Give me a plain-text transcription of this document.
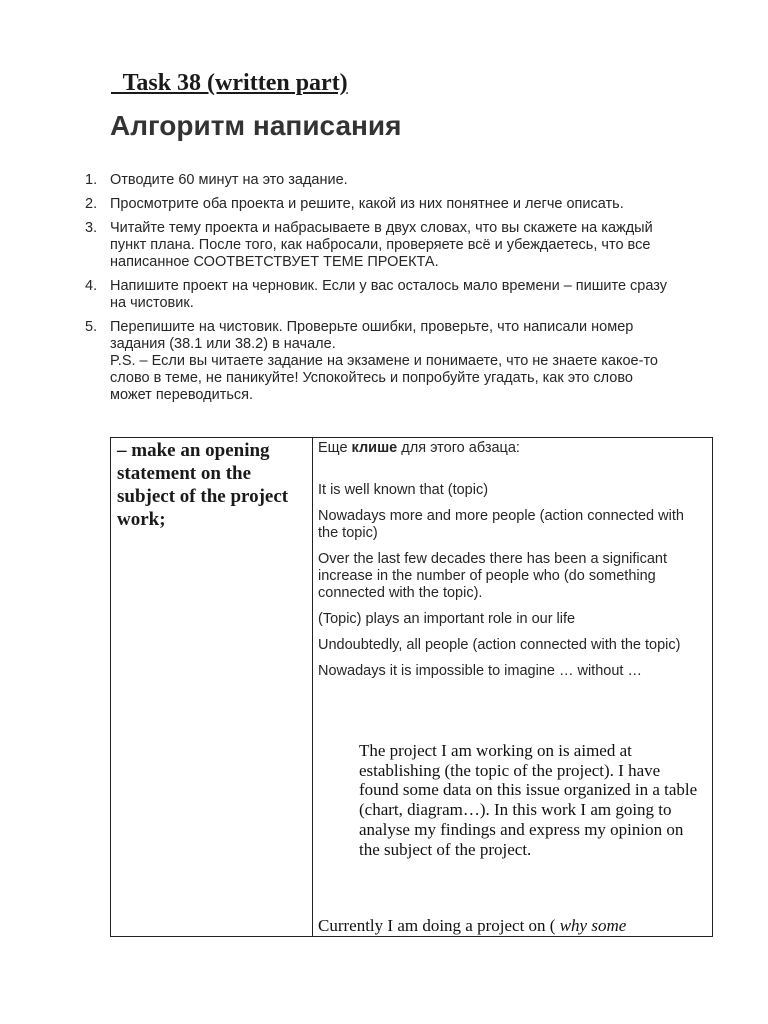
Task 38 (written part)
Алгоритм написания
1. Отводите 60 минут на это задание.
2. Просмотрите оба проекта и решите, какой из них понятнее и легче описать.
3. Читайте тему проекта и набрасываете в двух словах, что вы скажете на каждый
пункт плана. После того, как набросали, проверяете всё и убеждаетесь, что все
написанное СООТВЕТСТВУЕТ ТЕМЕ ПРОЕКТА.
4. Напишите проект на черновик. Если у вас осталось мало времени – пишите сразу
на чистовик.
5. Перепишите на чистовик. Проверьте ошибки, проверьте, что написали номер
задания (38.1 или 38.2) в начале.
P.S. – Если вы читаете задание на экзамене и понимаете, что не знаете какое-то
слово в теме, не паникуйте! Успокойтесь и попробуйте угадать, как это слово
может переводиться.

– make an opening statement on the subject of the project work;

Еще клише для этого абзаца:

It is well known that (topic)
Nowadays more and more people (action connected with the topic)
Over the last few decades there has been a significant increase in the number of people who (do something connected with the topic).
(Topic) plays an important role in our life
Undoubtedly, all people (action connected with the topic)
Nowadays it is impossible to imagine … without …

The project I am working on is aimed at establishing (the topic of the project). I have found some data on this issue organized in a table (chart, diagram…). In this work I am going to analyse my findings and express my opinion on the subject of the project.

Currently I am doing a project on ( why some
